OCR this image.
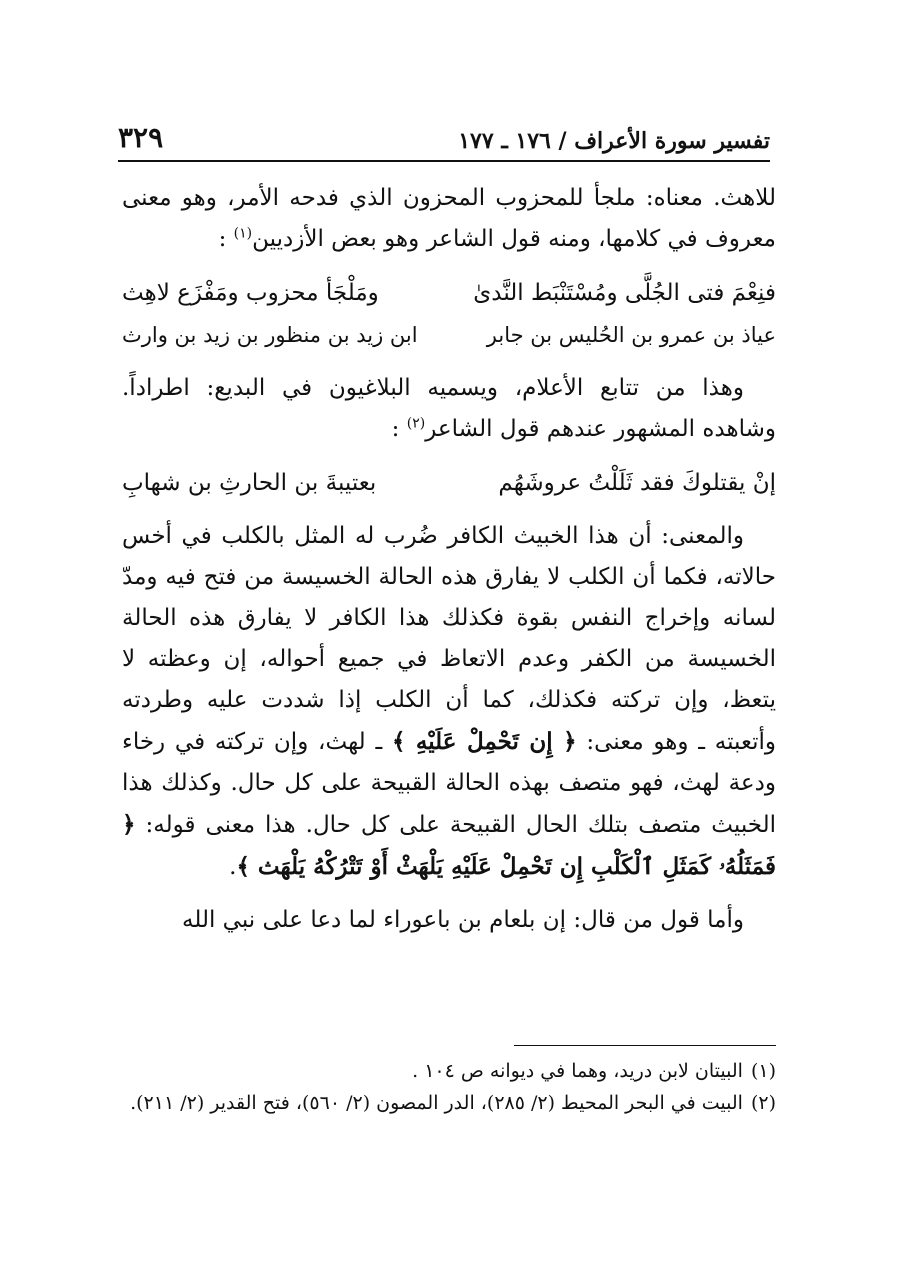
تفسير سورة الأعراف / ١٧٦ ـ ١٧٧
٣٢٩

للاهث. معناه: ملجأ للمحزوب المحزون الذي فدحه الأمر، وهو معنى معروف في كلامها، ومنه قول الشاعر وهو بعض الأزديين$^{(١)}$ :

فنِعْمَ فتى الجُلَّى ومُسْتَنْبَط النَّدىٰ
ومَلْجَأ محزوب ومَفْزَع لاهِث
عياذ بن عمرو بن الحُليس بن جابر
ابن زيد بن منظور بن زيد بن وارث

وهذا من تتابع الأعلام، ويسميه البلاغيون في البديع: اطراداً. وشاهده المشهور عندهم قول الشاعر$^{(٢)}$ :

إنْ يقتلوكَ فقد ثَلَلْتُ عروشَهُم
بعتيبةَ بن الحارثِ بن شهابِ

والمعنى: أن هذا الخبيث الكافر ضُرب له المثل بالكلب في أخس حالاته، فكما أن الكلب لا يفارق هذه الحالة الخسيسة من فتح فيه ومدّ لسانه وإخراج النفس بقوة فكذلك هذا الكافر لا يفارق هذه الحالة الخسيسة من الكفر وعدم الاتعاظ في جميع أحواله، إن وعظته لا يتعظ، وإن تركته فكذلك، كما أن الكلب إذا شددت عليه وطردته وأتعبته ـ وهو معنى: ﴿ إِن تَحْمِلْ عَلَيْهِ ﴾ ـ لهث، وإن تركته في رخاء ودعة لهث، فهو متصف بهذه الحالة القبيحة على كل حال. وكذلك هذا الخبيث متصف بتلك الحال القبيحة على كل حال. هذا معنى قوله: ﴿ فَمَثَلُهُۥ كَمَثَلِ ٱلْكَلْبِ إِن تَحْمِلْ عَلَيْهِ يَلْهَثْ أَوْ تَتْرُكْهُ يَلْهَث ﴾.

وأما قول من قال: إن بلعام بن باعوراء لما دعا على نبي الله

(١)البيتان لابن دريد، وهما في ديوانه ص ١٠٤ .

(٢)البيت في البحر المحيط (٢/ ٢٨٥)، الدر المصون (٢/ ٥٦٠)، فتح القدير (٢/ ٢١١).
